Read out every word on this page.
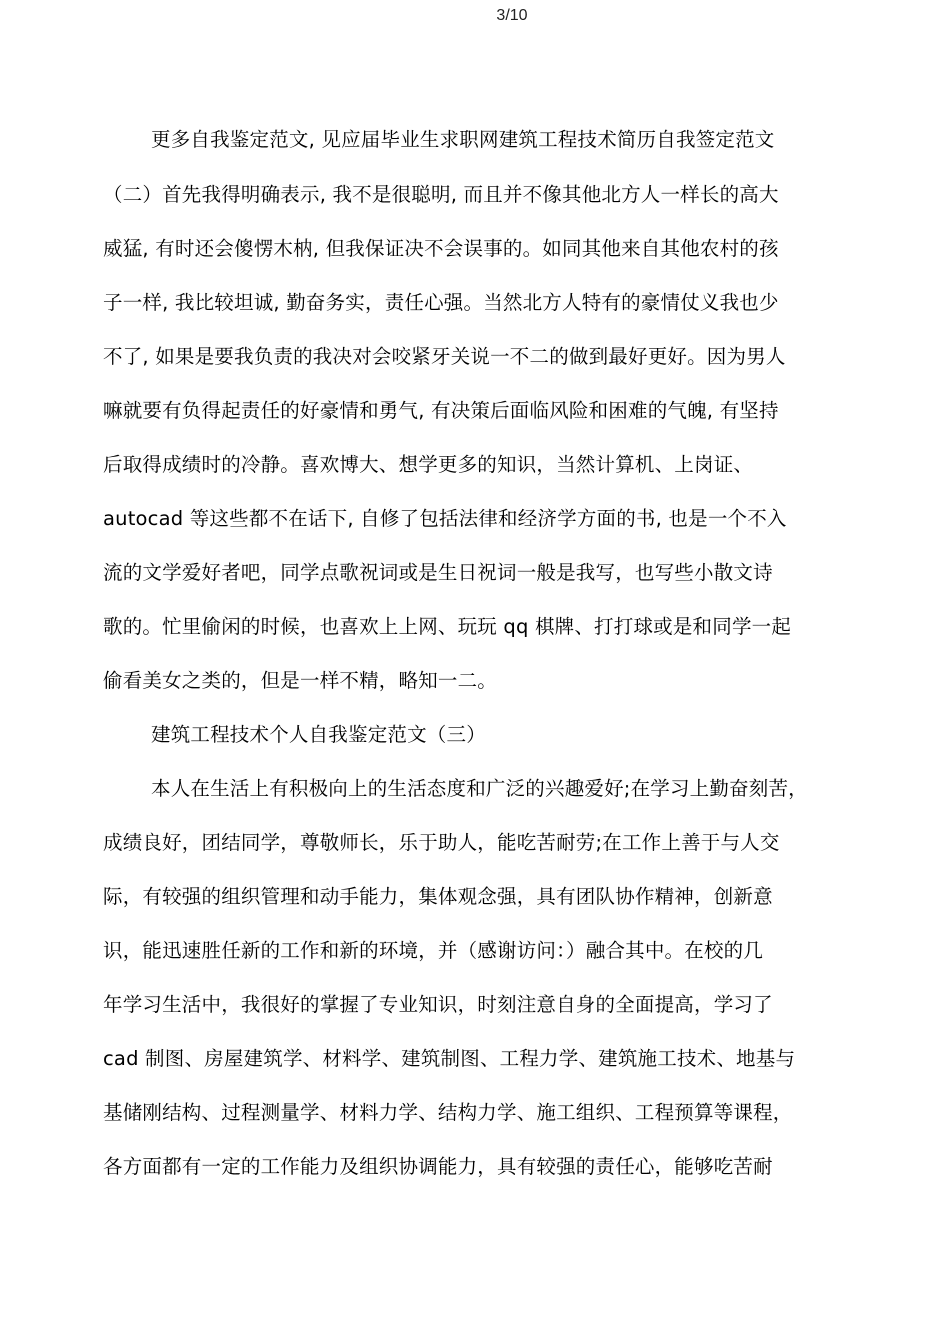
3/10
更多自我鉴定范文, 见应届毕业生求职网建筑工程技术简历自我签定范文
（二）首先我得明确表示, 我不是很聪明, 而且并不像其他北方人一样长的高大
威猛, 有时还会傻愣木枘, 但我保证决不会误事的。如同其他来自其他农村的孩
子一样, 我比较坦诚, 勤奋务实，责任心强。当然北方人特有的豪情仗义我也少
不了, 如果是要我负责的我决对会咬紧牙关说一不二的做到最好更好。因为男人
嘛就要有负得起责任的好豪情和勇气, 有决策后面临风险和困难的气魄, 有坚持
后取得成绩时的冷静。喜欢博大、想学更多的知识，当然计算机、上岗证、
autocad 等这些都不在话下, 自修了包括法律和经济学方面的书, 也是一个不入
流的文学爱好者吧，同学点歌祝词或是生日祝词一般是我写，也写些小散文诗
歌的。忙里偷闲的时候，也喜欢上上网、玩玩 qq 棋牌、打打球或是和同学一起
偷看美女之类的，但是一样不精，略知一二。
建筑工程技术个人自我鉴定范文（三）
本人在生活上有积极向上的生活态度和广泛的兴趣爱好;在学习上勤奋刻苦，
成绩良好，团结同学，尊敬师长，乐于助人，能吃苦耐劳;在工作上善于与人交
际，有较强的组织管理和动手能力，集体观念强，具有团队协作精神，创新意
识，能迅速胜任新的工作和新的环境，并（感谢访问：）融合其中。在校的几
年学习生活中，我很好的掌握了专业知识，时刻注意自身的全面提高，学习了
cad 制图、房屋建筑学、材料学、建筑制图、工程力学、建筑施工技术、地基与
基储刚结构、过程测量学、材料力学、结构力学、施工组织、工程预算等课程，
各方面都有一定的工作能力及组织协调能力，具有较强的责任心，能够吃苦耐
